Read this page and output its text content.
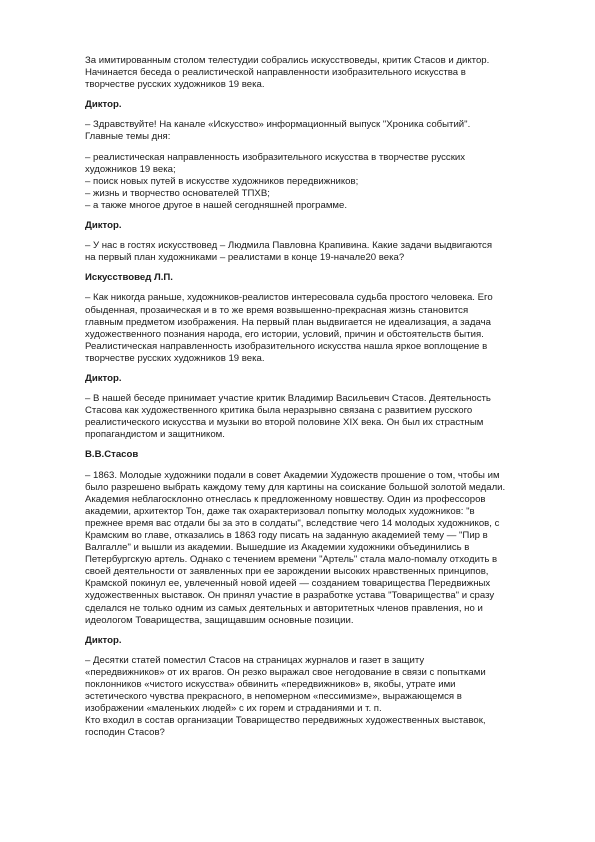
За имитированным столом телестудии собрались искусствоведы, критик Стасов и диктор.
Начинается беседа о реалистической направленности изобразительного искусства в
творчестве русских художников 19 века.
Диктор.
– Здравствуйте! На канале «Искусство» информационный выпуск "Хроника событий".
Главные темы дня:
– реалистическая направленность изобразительного искусства в творчестве русских
художников 19 века;
– поиск новых путей в искусстве художников передвижников;
– жизнь и творчество основателей ТПХВ;
– а также многое другое в нашей сегодняшней программе.
Диктор.
– У нас в гостях искусствовед – Людмила Павловна Крапивина. Какие задачи выдвигаются
на первый план художниками – реалистами в конце 19-начале20 века?
Искусствовед Л.П.
– Как никогда раньше, художников-реалистов интересовала судьба простого человека. Его
обыденная, прозаическая и в то же время возвышенно-прекрасная жизнь становится
главным предметом изображения. На первый план выдвигается не идеализация, а задача
художественного познания народа, его истории, условий, причин и обстоятельств бытия.
Реалистическая направленность изобразительного искусства нашла яркое воплощение в
творчестве русских художников 19 века.
Диктор.
– В нашей беседе принимает участие критик Владимир Васильевич Стасов. Деятельность
Стасова как художественного критика была неразрывно связана с развитием русского
реалистического искусства и музыки во второй половине XIX века. Он был их страстным
пропагандистом и защитником.
В.В.Стасов
– 1863. Молодые художники подали в совет Академии Художеств прошение о том, чтобы им
было разрешено выбрать каждому тему для картины на соискание большой золотой медали.
Академия неблагосклонно отнеслась к предложенному новшеству. Один из профессоров
академии, архитектор Тон, даже так охарактеризовал попытку молодых художников: "в
прежнее время вас отдали бы за это в солдаты", вследствие чего 14 молодых художников, с
Крамским во главе, отказались в 1863 году писать на заданную академией тему — "Пир в
Валгалле" и вышли из академии. Вышедшие из Академии художники объединились в
Петербургскую артель. Однако с течением времени "Артель" стала мало-помалу отходить в
своей деятельности от заявленных при ее зарождении высоких нравственных принципов,
Крамской покинул ее, увлеченный новой идеей — созданием товарищества Передвижных
художественных выставок. Он принял участие в разработке устава "Товарищества" и сразу
сделался не только одним из самых деятельных и авторитетных членов правления, но и
идеологом Товарищества, защищавшим основные позиции.
Диктор.
– Десятки статей поместил Стасов на страницах журналов и газет в защиту
«передвижников» от их врагов. Он резко выражал свое негодование в связи с попытками
поклонников «чистого искусства» обвинить «передвижников» в, якобы, утрате ими
эстетического чувства прекрасного, в непомерном «пессимизме», выражающемся в
изображении «маленьких людей» с их горем и страданиями и т. п.
Кто входил в состав организации Товарищество передвижных художественных выставок,
господин Стасов?
